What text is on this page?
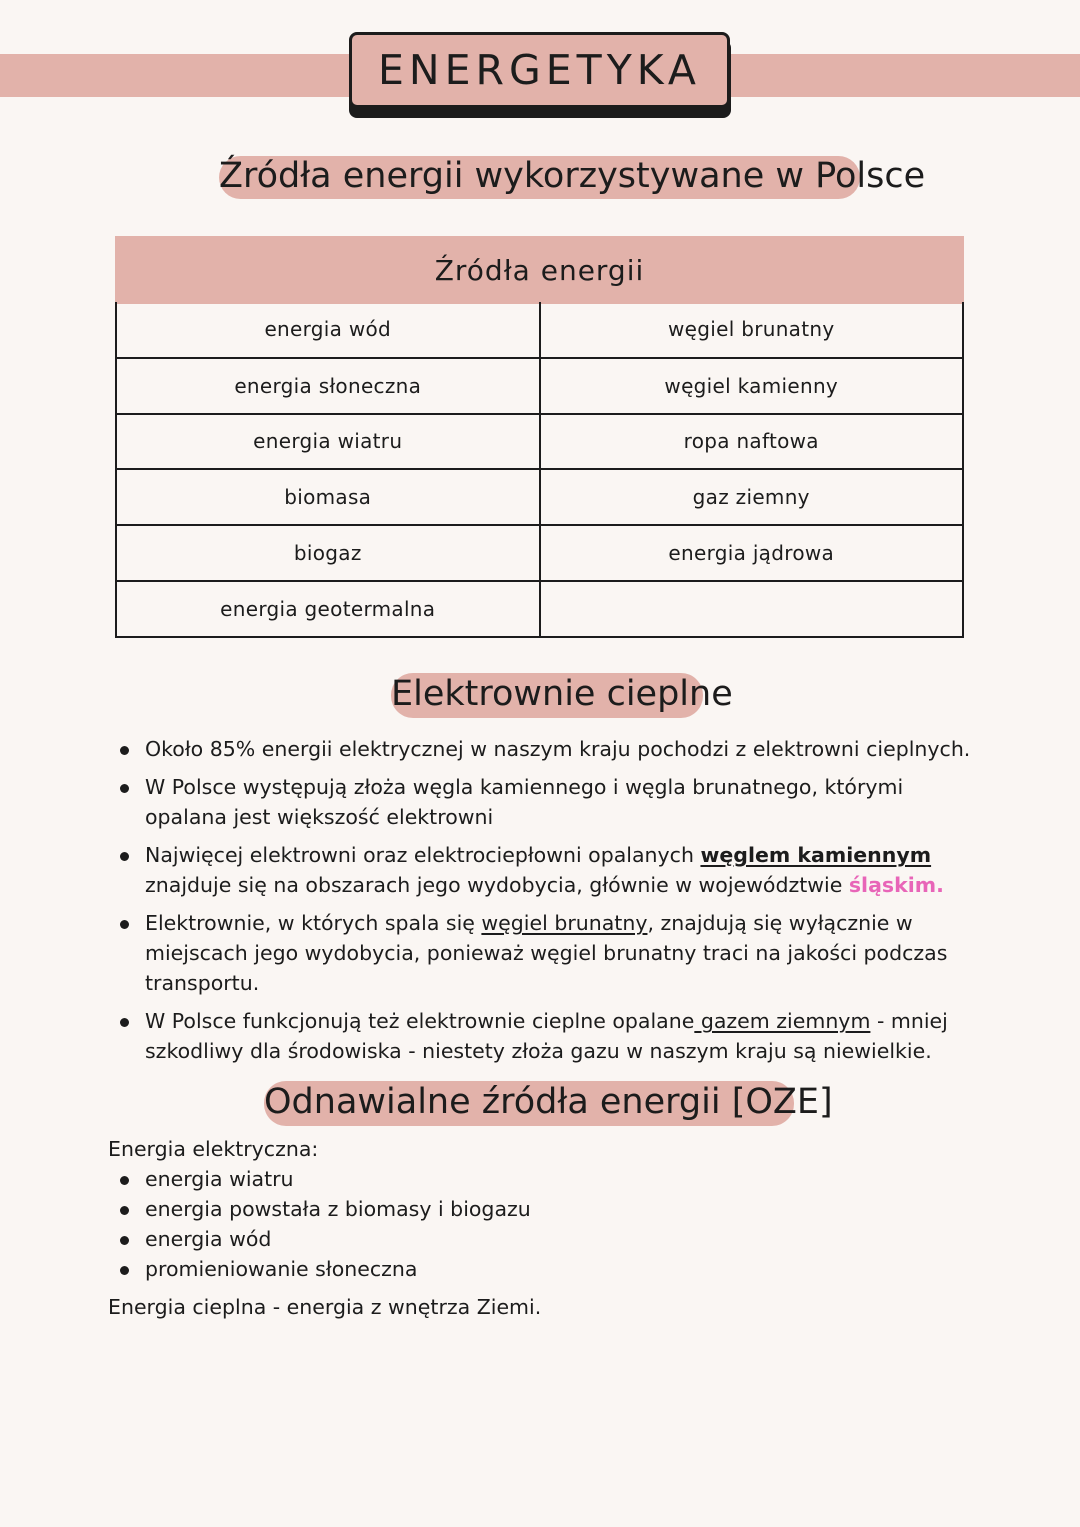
ENERGETYKA
Źródła energii wykorzystywane w Polsce
Źródła energii
energia wód	węgiel brunatny
energia słoneczna	węgiel kamienny
energia wiatru	ropa naftowa
biomasa	gaz ziemny
biogaz	energia jądrowa
energia geotermalna	
Elektrownie cieplne
Około 85% energii elektrycznej w naszym kraju pochodzi z elektrowni cieplnych.
W Polsce występują złoża węgla kamiennego i węgla brunatnego, którymi opalana jest większość elektrowni
Najwięcej elektrowni oraz elektrociepłowni opalanych węglem kamiennym znajduje się na obszarach jego wydobycia, głównie w województwie śląskim.
Elektrownie, w których spala się węgiel brunatny, znajdują się wyłącznie w miejscach jego wydobycia, ponieważ węgiel brunatny traci na jakości podczas transportu.
W Polsce funkcjonują też elektrownie cieplne opalane gazem ziemnym - mniej szkodliwy dla środowiska - niestety złoża gazu w naszym kraju są niewielkie.
Odnawialne źródła energii [OZE]
Energia elektryczna:
energia wiatru
energia powstała z biomasy i biogazu
energia wód
promieniowanie słoneczna
Energia cieplna - energia z wnętrza Ziemi.
